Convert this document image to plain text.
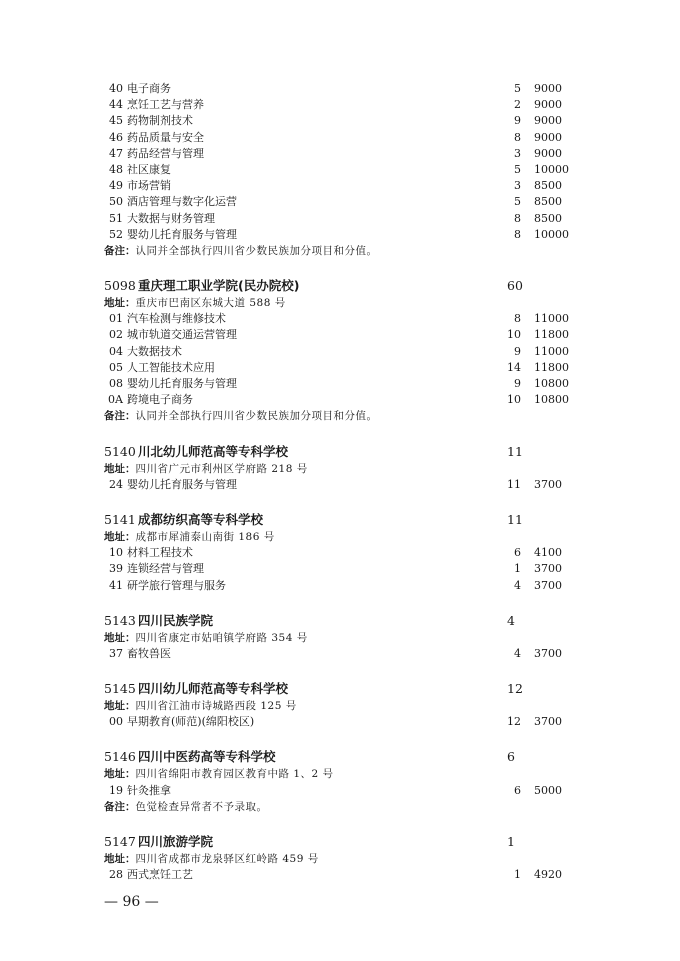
40 电子商务	5 9000
44 烹饪工艺与营养	2 9000
45 药物制剂技术	9 9000
46 药品质量与安全	8 9000
47 药品经营与管理	3 9000
48 社区康复	5 10000
49 市场营销	3 8500
50 酒店管理与数字化运营	5 8500
51 大数据与财务管理	8 8500
52 婴幼儿托育服务与管理	8 10000
备注：认同并全部执行四川省少数民族加分项目和分值。
5098 重庆理工职业学院(民办院校)	60
地址：重庆市巴南区东城大道 588 号
01 汽车检测与维修技术	8 11000
02 城市轨道交通运营管理	10 11800
04 大数据技术	9 11000
05 人工智能技术应用	14 11800
08 婴幼儿托育服务与管理	9 10800
0A 跨境电子商务	10 10800
备注：认同并全部执行四川省少数民族加分项目和分值。
5140 川北幼儿师范高等专科学校	11
地址：四川省广元市利州区学府路 218 号
24 婴幼儿托育服务与管理	11 3700
5141 成都纺织高等专科学校	11
地址：成都市犀浦泰山南街 186 号
10 材料工程技术	6 4100
39 连锁经营与管理	1 3700
41 研学旅行管理与服务	4 3700
5143 四川民族学院	4
地址：四川省康定市姑咱镇学府路 354 号
37 畜牧兽医	4 3700
5145 四川幼儿师范高等专科学校	12
地址：四川省江油市诗城路西段 125 号
00 早期教育(师范)(绵阳校区)	12 3700
5146 四川中医药高等专科学校	6
地址：四川省绵阳市教育园区教育中路 1、2 号
19 针灸推拿	6 5000
备注：色觉检查异常者不予录取。
5147 四川旅游学院	1
地址：四川省成都市龙泉驿区红岭路 459 号
28 西式烹饪工艺	1 4920
— 96 —
